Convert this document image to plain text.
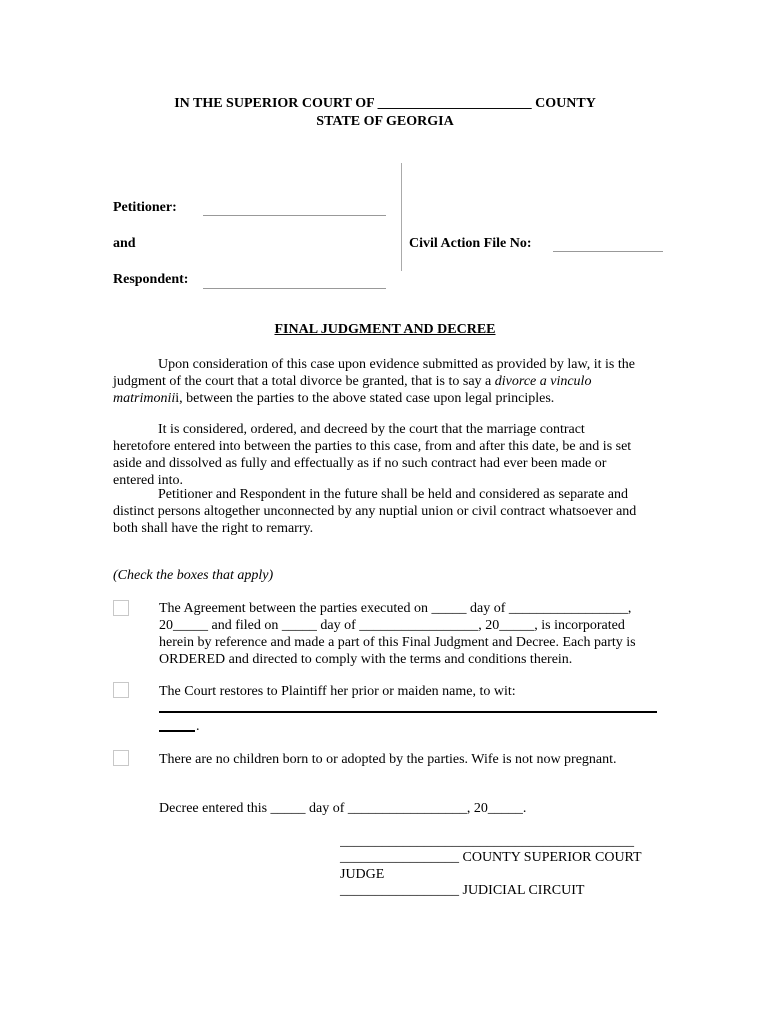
IN THE SUPERIOR COURT OF ______________________ COUNTY
STATE OF GEORGIA
Petitioner:
and	Civil Action File No:
Respondent:
FINAL JUDGMENT AND DECREE

Upon consideration of this case upon evidence submitted as provided by law, it is the judgment of the court that a total divorce be granted, that is to say a divorce a vinculo matrimoniii, between the parties to the above stated case upon legal principles.

It is considered, ordered, and decreed by the court that the marriage contract heretofore entered into between the parties to this case, from and after this date, be and is set aside and dissolved as fully and effectually as if no such contract had ever been made or entered into.

Petitioner and Respondent in the future shall be held and considered as separate and distinct persons altogether unconnected by any nuptial union or civil contract whatsoever and both shall have the right to remarry.

(Check the boxes that apply)

The Agreement between the parties executed on _____ day of _________________, 20_____ and filed on _____ day of _________________, 20_____, is incorporated herein by reference and made a part of this Final Judgment and Decree. Each party is ORDERED and directed to comply with the terms and conditions therein.

The Court restores to Plaintiff her prior or maiden name, to wit:

.

There are no children born to or adopted by the parties. Wife is not now pregnant.

Decree entered this _____ day of _________________, 20_____.

__________________________________________

_________________ COUNTY SUPERIOR COURT JUDGE

_________________ JUDICIAL CIRCUIT
